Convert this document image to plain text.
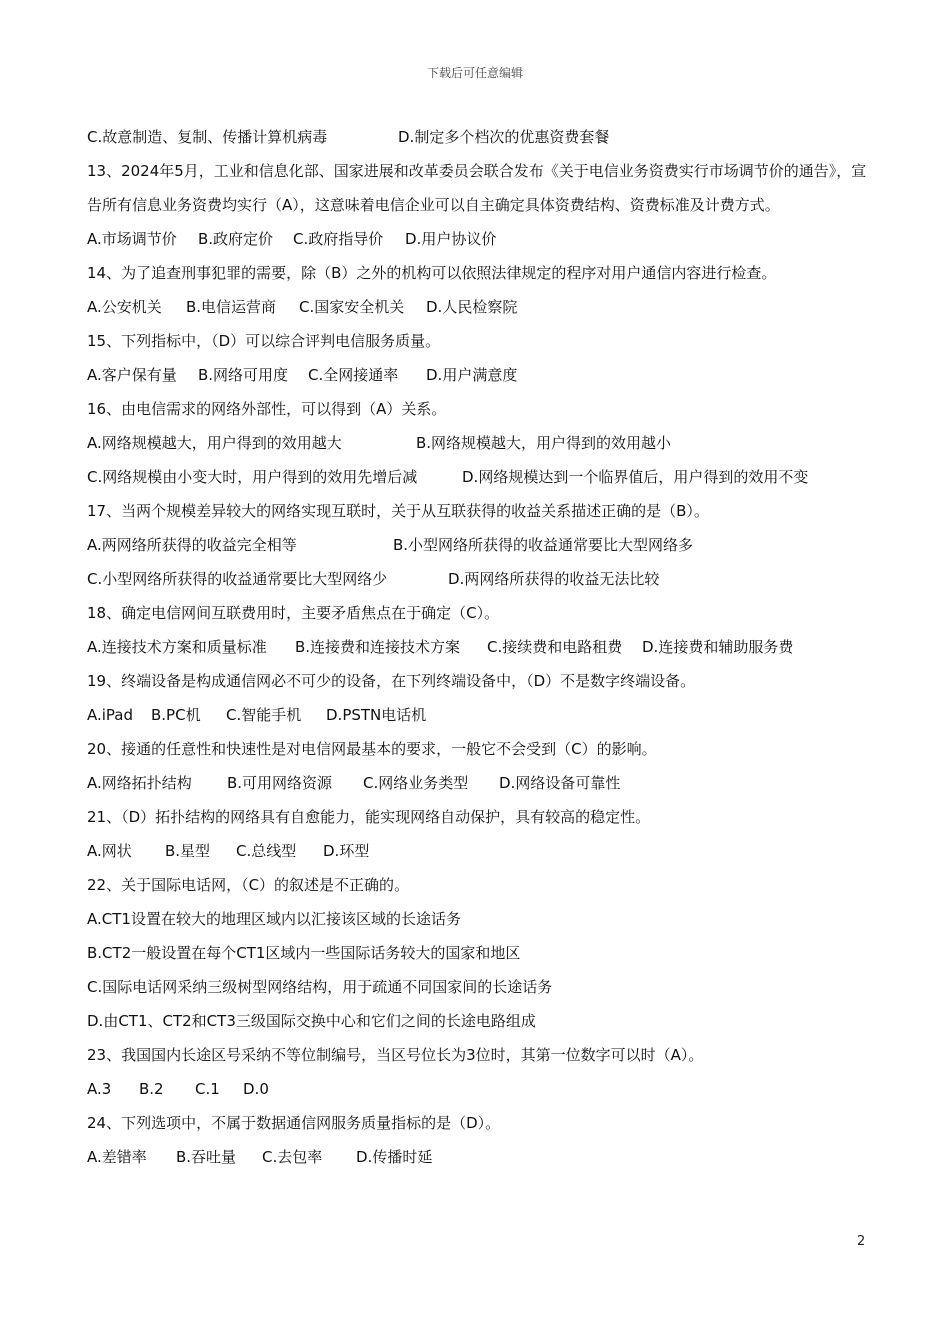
下载后可任意编辑
C.故意制造、复制、传播计算机病毒	D.制定多个档次的优惠资费套餐
13、2024年5月，工业和信息化部、国家进展和改革委员会联合发布《关于电信业务资费实行市场调节价的通告》，宣告所有信息业务资费均实行（A），这意味着电信企业可以自主确定具体资费结构、资费标准及计费方式。
A.市场调节价 B.政府定价 C.政府指导价 D.用户协议价
14、为了追查刑事犯罪的需要，除（B）之外的机构可以依照法律规定的程序对用户通信内容进行检查。
A.公安机关 B.电信运营商 C.国家安全机关 D.人民检察院
15、下列指标中，（D）可以综合评判电信服务质量。
A.客户保有量 B.网络可用度 C.全网接通率 D.用户满意度
16、由电信需求的网络外部性，可以得到（A）关系。
A.网络规模越大，用户得到的效用越大	B.网络规模越大，用户得到的效用越小
C.网络规模由小变大时，用户得到的效用先增后减	D.网络规模达到一个临界值后，用户得到的效用不变
17、当两个规模差异较大的网络实现互联时，关于从互联获得的收益关系描述正确的是（B）。
A.两网络所获得的收益完全相等	B.小型网络所获得的收益通常要比大型网络多
C.小型网络所获得的收益通常要比大型网络少	D.两网络所获得的收益无法比较
18、确定电信网间互联费用时，主要矛盾焦点在于确定（C）。
A.连接技术方案和质量标准 B.连接费和连接技术方案 C.接续费和电路租费 D.连接费和辅助服务费
19、终端设备是构成通信网必不可少的设备，在下列终端设备中，（D）不是数字终端设备。
A.iPad B.PC机 C.智能手机 D.PSTN电话机
20、接通的任意性和快速性是对电信网最基本的要求，一般它不会受到（C）的影响。
A.网络拓扑结构 B.可用网络资源 C.网络业务类型 D.网络设备可靠性
21、（D）拓扑结构的网络具有自愈能力，能实现网络自动保护，具有较高的稳定性。
A.网状 B.星型 C.总线型 D.环型
22、关于国际电话网，（C）的叙述是不正确的。
A.CT1设置在较大的地理区域内以汇接该区域的长途话务
B.CT2一般设置在每个CT1区域内一些国际话务较大的国家和地区
C.国际电话网采纳三级树型网络结构，用于疏通不同国家间的长途话务
D.由CT1、CT2和CT3三级国际交换中心和它们之间的长途电路组成
23、我国国内长途区号采纳不等位制编号，当区号位长为3位时，其第一位数字可以时（A）。
A.3 B.2 C.1 D.0
24、下列选项中，不属于数据通信网服务质量指标的是（D）。
A.差错率 B.吞吐量 C.去包率 D.传播时延
2
